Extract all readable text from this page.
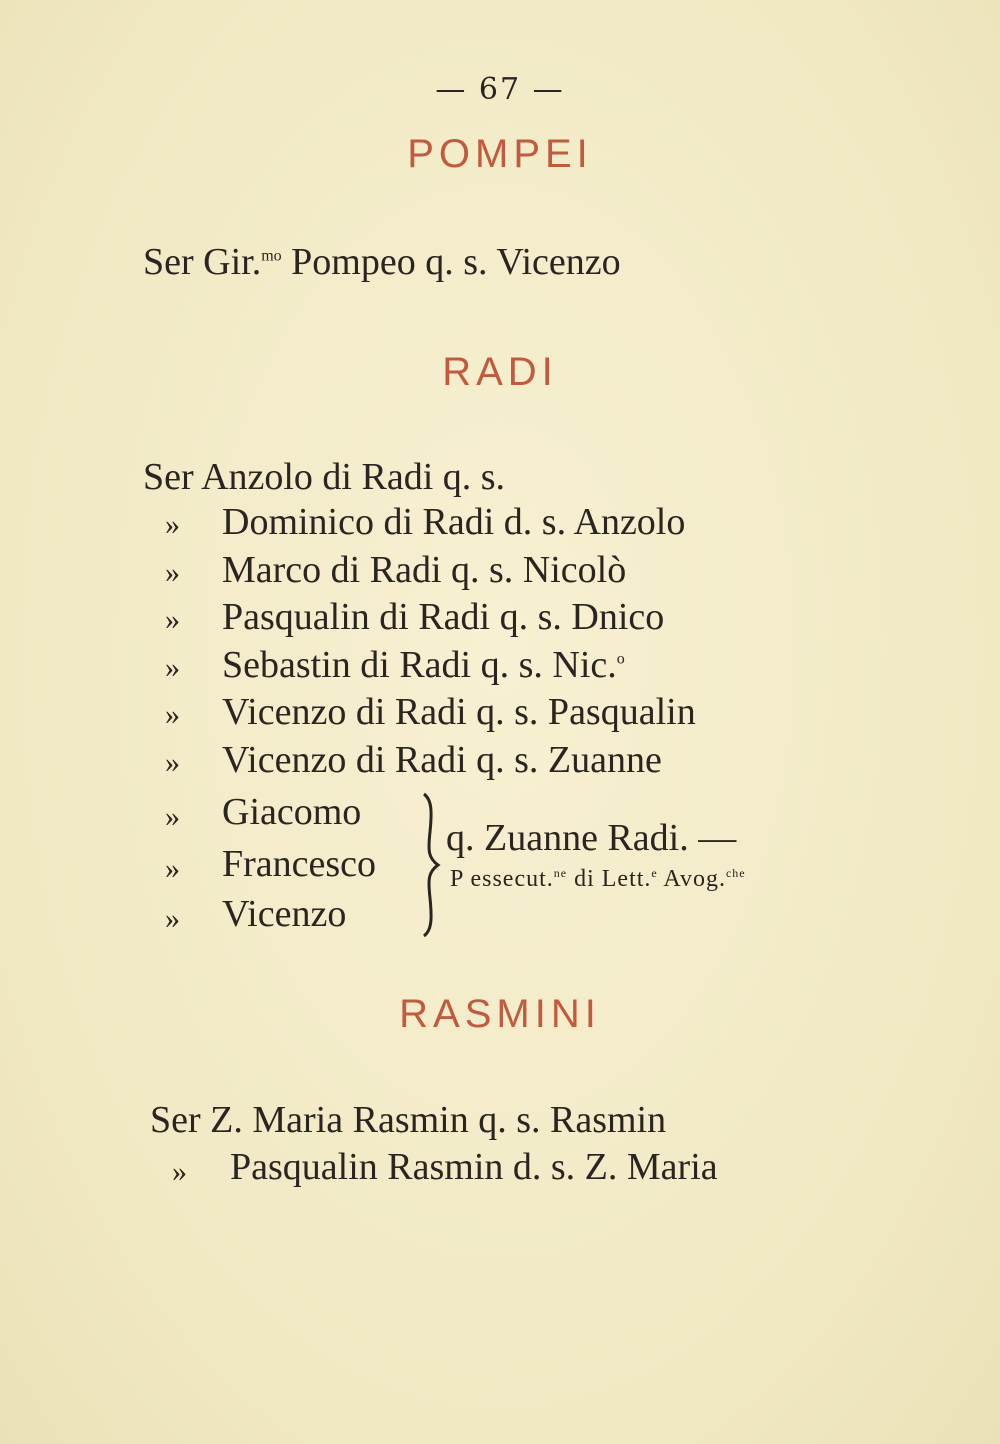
— 67 —
POMPEI
Ser Gir.$^{mo}$ Pompeo q. s. Vicenzo
RADI
Ser Anzolo di Radi q. s.
» Dominico di Radi d. s. Anzolo
» Marco di Radi q. s. Nicolò
» Pasqualin di Radi q. s. Dnico
» Sebastin di Radi q. s. Nic.$^o$
» Vicenzo di Radi q. s. Pasqualin
» Vicenzo di Radi q. s. Zuanne
» Giacomo
» Francesco
» Vicenzo
q. Zuanne Radi. —
P essecut.$^{ne}$ di Lett.$^e$ Avog.$^{che}$
RASMINI
Ser Z. Maria Rasmin q. s. Rasmin
» Pasqualin Rasmin d. s. Z. Maria
